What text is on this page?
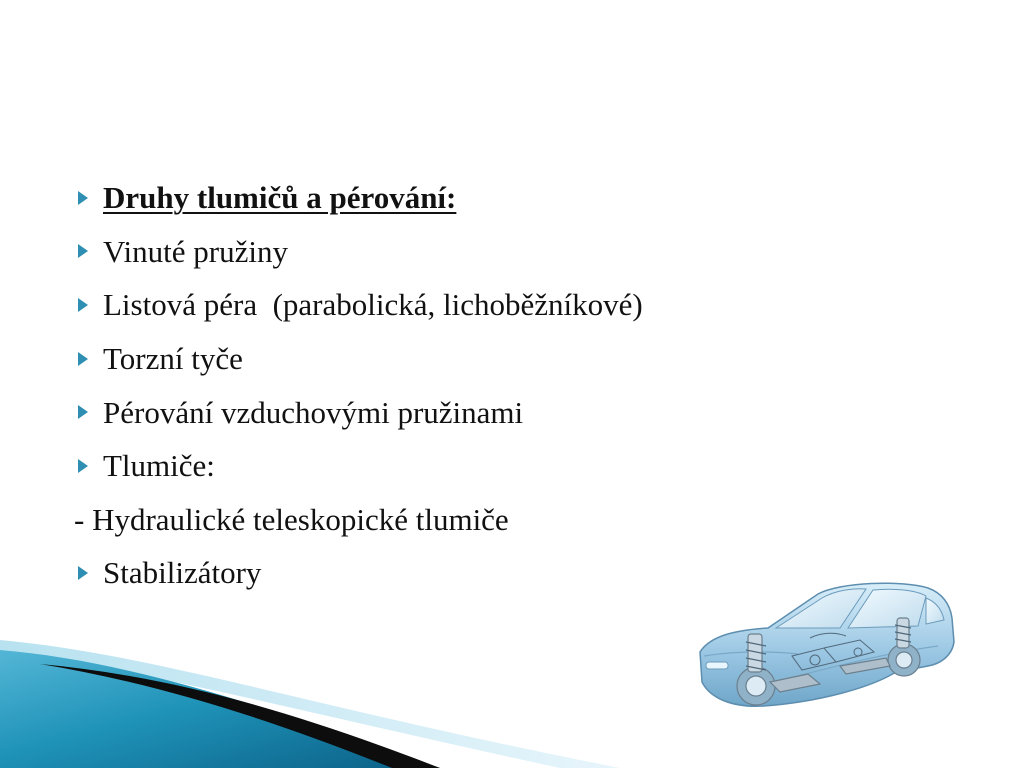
Druhy tlumičů a pérování:
Vinuté pružiny
Listová péra  (parabolická, lichoběžníkové)
Torzní tyče
Pérování vzduchovými pružinami
Tlumiče:
- Hydraulické teleskopické tlumiče
Stabilizátory
